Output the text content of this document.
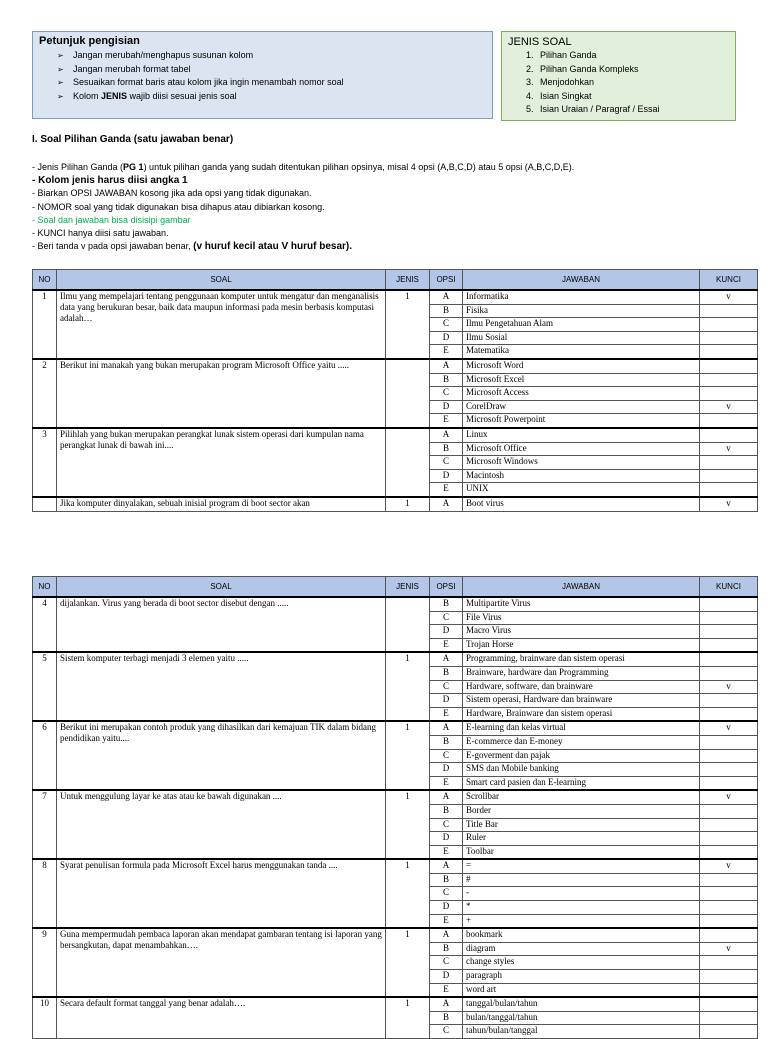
Petunjuk pengisian
➢ Jangan merubah/menghapus susunan kolom
➢ Jangan merubah format tabel
➢ Sesuaikan format baris atau kolom jika ingin menambah nomor soal
➢ Kolom JENIS wajib diisi sesuai jenis soal
JENIS SOAL
1. Pilihan Ganda
2. Pilihan Ganda Kompleks
3. Menjodohkan
4. Isian Singkat
5. Isian Uraian / Paragraf / Essai
I. Soal Pilihan Ganda (satu jawaban benar)
- Jenis Pilihan Ganda (PG 1) untuk pilihan ganda yang sudah ditentukan pilihan opsinya, misal 4 opsi (A,B,C,D) atau 5 opsi (A,B,C,D,E).
- Kolom jenis harus diisi angka 1
- Biarkan OPSI JAWABAN kosong jika ada opsi yang tidak digunakan.
- NOMOR soal yang tidak digunakan bisa dihapus atau dibiarkan kosong.
- Soal dan jawaban bisa disisipi gambar
- KUNCI hanya diisi satu jawaban.
- Beri tanda v pada opsi jawaban benar, (v huruf kecil atau V huruf besar).
NO	SOAL	JENIS	OPSI	JAWABAN	KUNCI
1	Ilmu yang mempelajari tentang penggunaan komputer untuk mengatur dan menganalisis data yang berukuran besar, baik data maupun informasi pada mesin berbasis komputasi adalah…	1	A	Informatika	v
			B	Fisika	
			C	Ilmu Pengetahuan Alam	
			D	Ilmu Sosial	
			E	Matematika	
2	Berikut ini manakah yang bukan merupakan program Microsoft Office yaitu .....		A	Microsoft Word	
			B	Microsoft Excel	
			C	Microsoft Access	
			D	CorelDraw	v
			E	Microsoft Powerpoint	
3	Pilihlah yang bukan merupakan perangkat lunak sistem operasi dari kumpulan nama perangkat lunak di bawah ini....		A	Linux	
			B	Microsoft Office	v
			C	Microsoft Windows	
			D	Macintosh	
			E	UNIX	
	Jika komputer dinyalakan, sebuah inisial program di boot sector akan	1	A	Boot virus	v
NO	SOAL	JENIS	OPSI	JAWABAN	KUNCI
4	dijalankan. Virus yang berada di boot sector disebut dengan .....		B	Multipartite Virus	
			C	File Virus	
			D	Macro Virus	
			E	Trojan Horse	
5	Sistem komputer terbagi menjadi 3 elemen yaitu .....	1	A	Programming, brainware dan sistem operasi	
			B	Brainware, hardware dan Programming	
			C	Hardware, software, dan brainware	v
			D	Sistem operasi, Hardware dan brainware	
			E	Hardware, Brainware dan sistem operasi	
6	Berikut ini merupakan contoh produk yang dihasilkan dari kemajuan TIK dalam bidang pendidikan yaitu....	1	A	E-learning dan kelas virtual	v
			B	E-commerce dan E-money	
			C	E-goverment dan pajak	
			D	SMS dan Mobile banking	
			E	Smart card pasien dan E-learning	
7	Untuk menggulung layar ke atas atau ke bawah digunakan ....	1	A	Scrollbar	v
			B	Border	
			C	Title Bar	
			D	Ruler	
			E	Toolbar	
8	Syarat penulisan formula pada Microsoft Excel harus menggunakan tanda ....	1	A	=	v
			B	#	
			C	-	
			D	*	
			E	+	
9	Guna mempermudah pembaca laporan akan mendapat gambaran tentang isi laporan yang bersangkutan, dapat menambahkan….	1	A	bookmark	
			B	diagram	v
			C	change styles	
			D	paragraph	
			E	word art	
10	Secara default format tanggal yang benar adalah….	1	A	tanggal/bulan/tahun	
			B	bulan/tanggal/tahun	
			C	tahun/bulan/tanggal	
